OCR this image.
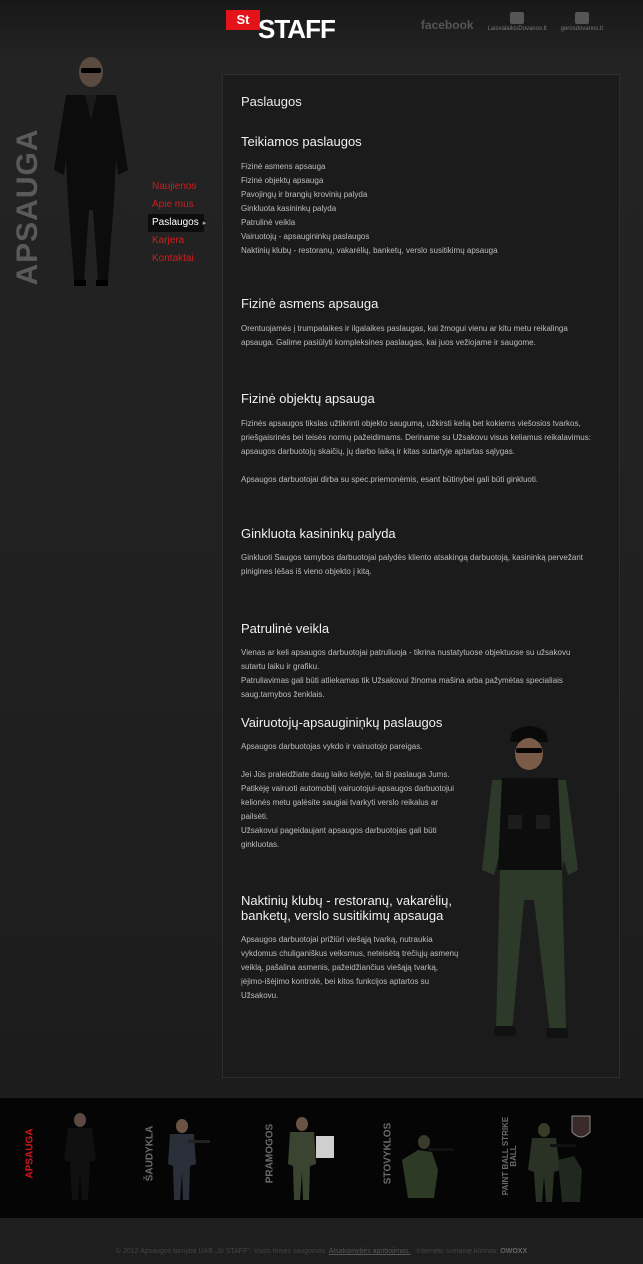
St STAFF	facebook LaisvalaikisDovanos.lt gerosdovanos.lt
APSAUGA	Naujienos
Apie mus
Paslaugos ▸
Karjera
Kontaktai
Paslaugos
Teikiamos paslaugos
Fizinė asmens apsauga
Fizinė objektų apsauga
Pavojingų ir brangių krovinių palyda
Ginkluota kasininkų palyda
Patrulinė veikla
Vairuotojų - apsaugininkų paslaugos
Naktinių klubų - restoranų, vakarėlių, banketų, verslo susitikimų apsauga
Fizinė asmens apsauga
Orentuojamės į trumpalaikes ir ilgalaikes paslaugas, kai žmogui vienu ar kitu metu reikalinga
apsauga. Galime pasiūlyti kompleksines paslaugas, kai juos vežiojame ir saugome.
Fizinė objektų apsauga
Fizinės apsaugos tikslas užtikrinti objekto saugumą, užkirsti kelią bet kokiems viešosios tvarkos,
priešgaisrinės bei teisės normų pažeidimams. Deriname su Užsakovu visus keliamus reikalavimus:
apsaugos darbuotojų skaičių, jų darbo laiką ir kitas sutartyje aptartas sąlygas.
Apsaugos darbuotojai dirba su spec.priemonėmis, esant būtinybei gali būti ginkluoti.
Ginkluota kasininkų palyda
Ginkluoti Saugos tarnybos darbuotojai palydės kliento atsakingą darbuotoją, kasininką pervežant
pinigines lėšas iš vieno objekto į kitą.
Patrulinė veikla
Vienas ar keli apsaugos darbuotojai patruliuoja - tikrina nustatytuose objektuose su užsakovu
sutartu laiku ir grafiku.
Patruliavimas gali būti atliekamas tik Užsakovui žinoma mašina arba pažymėtas specialiais
saug.tarnybos ženklais.
Vairuotojų-apsauginiņkų paslaugos
Apsaugos darbuotojas vykdo ir vairuotojo pareigas.
Jei Jūs praleidžiate daug laiko kelyje, tai ši paslauga Jums.
Patikėję vairuoti automobilį vairuotojui-apsaugos darbuotojui
kelionės metu galėsite saugiai tvarkyti verslo reikalus ar
pailsėti.
Užsakovui pageidaujant apsaugos darbuotojas gali būti
ginkluotas.
Naktinių klubų - restoranų, vakarėlių,
banketų, verslo susitikimų apsauga
Apsaugos darbuotojai prižiūri viešąją tvarką, nutraukia
vykdomus chuliganiškus veiksmus, neteisėtą trečiųjų asmenų
veiklą, pašalina asmenis, pažeidžiančius viešąją tvarką,
įėjimo-išėjimo kontrolė, bei kitos funkcijos aptartos su
Užsakovu.
APSAUGA	ŠAUDYKLA	PRAMOGOS	STOVYKLOS	PAINT BALL STRIKE BALL
© 2012 Apsaugos tarnyba UAB „St STAFF". Visos teisės saugomos. Atsakomybės apribojimas. Interneto svetainę kūrinas: OWOXX
